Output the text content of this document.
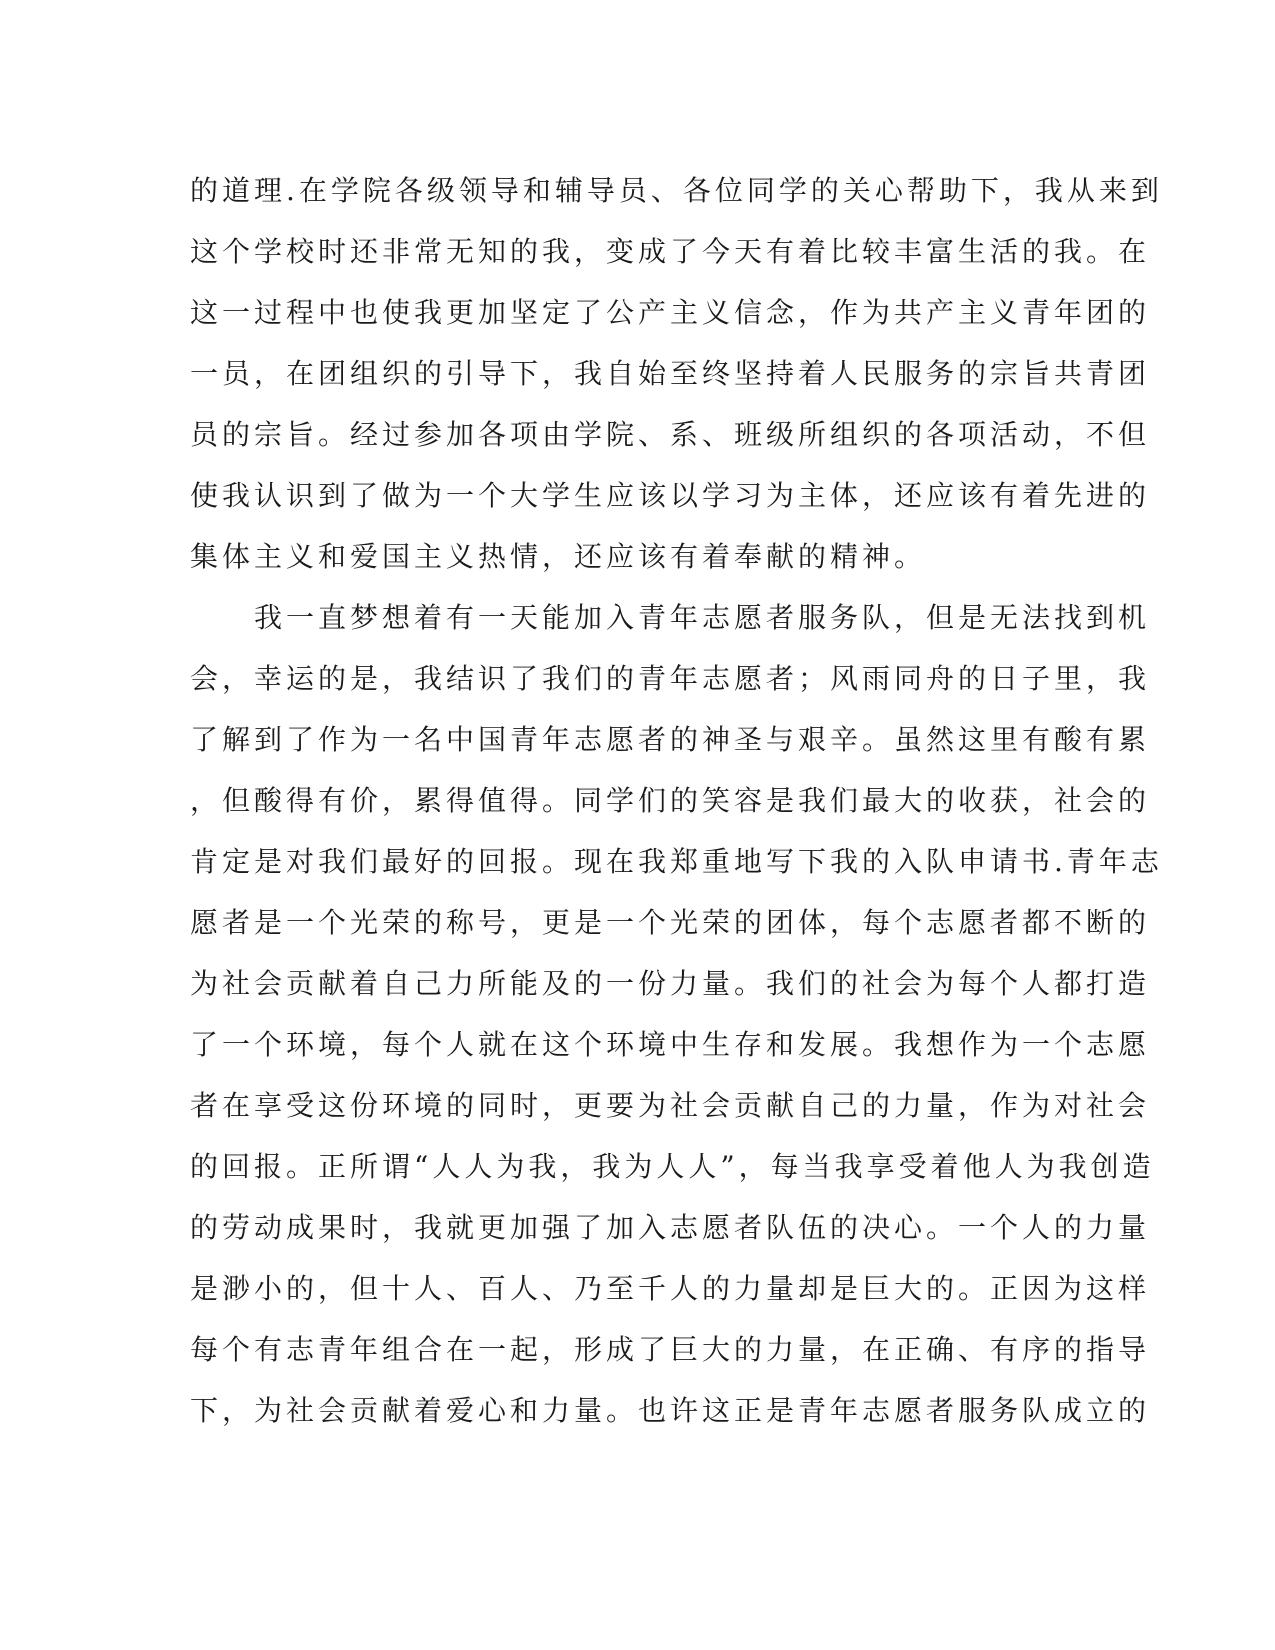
的道理.在学院各级领导和辅导员、各位同学的关心帮助下，我从来到
这个学校时还非常无知的我，变成了今天有着比较丰富生活的我。在
这一过程中也使我更加坚定了公产主义信念，作为共产主义青年团的
一员，在团组织的引导下，我自始至终坚持着人民服务的宗旨共青团
员的宗旨。经过参加各项由学院、系、班级所组织的各项活动，不但
使我认识到了做为一个大学生应该以学习为主体，还应该有着先进的
集体主义和爱国主义热情，还应该有着奉献的精神。
　　我一直梦想着有一天能加入青年志愿者服务队，但是无法找到机
会，幸运的是，我结识了我们的青年志愿者；风雨同舟的日子里，我
了解到了作为一名中国青年志愿者的神圣与艰辛。虽然这里有酸有累
，但酸得有价，累得值得。同学们的笑容是我们最大的收获，社会的
肯定是对我们最好的回报。现在我郑重地写下我的入队申请书.青年志
愿者是一个光荣的称号，更是一个光荣的团体，每个志愿者都不断的
为社会贡献着自己力所能及的一份力量。我们的社会为每个人都打造
了一个环境，每个人就在这个环境中生存和发展。我想作为一个志愿
者在享受这份环境的同时，更要为社会贡献自己的力量，作为对社会
的回报。正所谓“人人为我，我为人人”，每当我享受着他人为我创造
的劳动成果时，我就更加强了加入志愿者队伍的决心。一个人的力量
是渺小的，但十人、百人、乃至千人的力量却是巨大的。正因为这样
每个有志青年组合在一起，形成了巨大的力量，在正确、有序的指导
下，为社会贡献着爱心和力量。也许这正是青年志愿者服务队成立的
